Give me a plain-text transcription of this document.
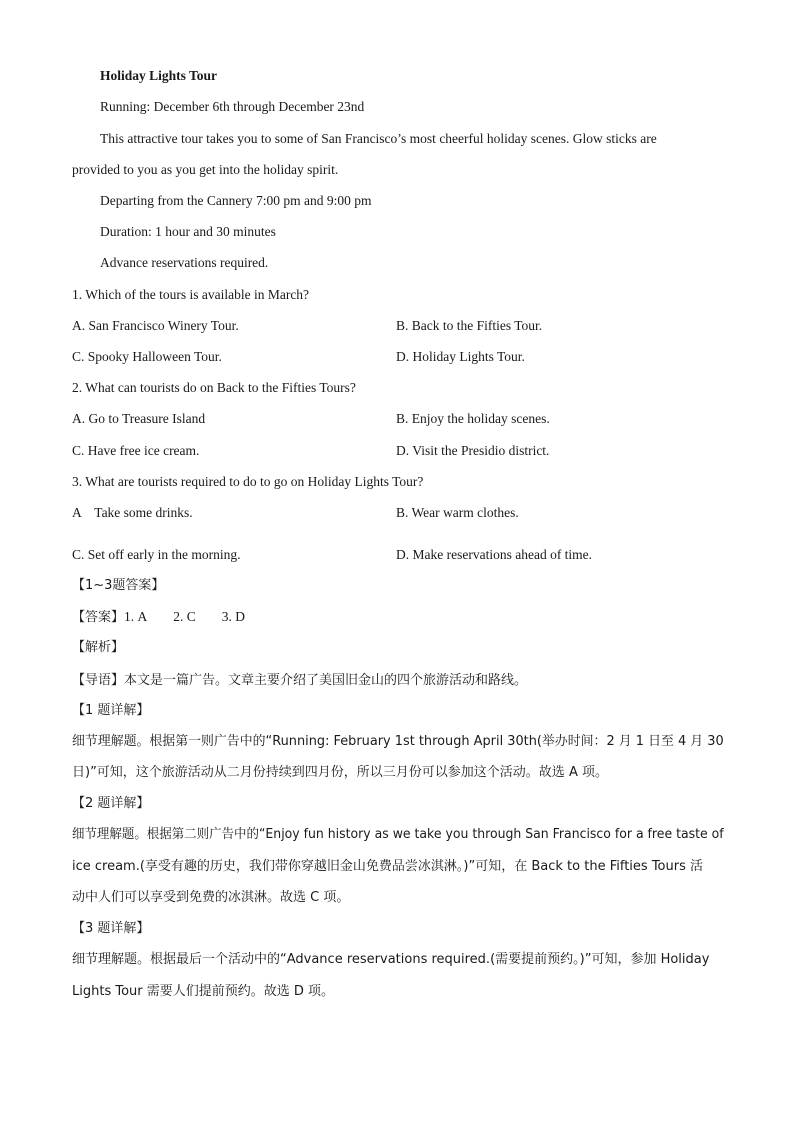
Holiday Lights Tour
Running: December 6th through December 23nd
This attractive tour takes you to some of San Francisco’s most cheerful holiday scenes. Glow sticks are
provided to you as you get into the holiday spirit.
Departing from the Cannery 7:00 pm and 9:00 pm
Duration: 1 hour and 30 minutes
Advance reservations required.
1. Which of the tours is available in March?
A. San Francisco Winery Tour.	B. Back to the Fifties Tour.
C. Spooky Halloween Tour.	D. Holiday Lights Tour.
2. What can tourists do on Back to the Fifties Tours?
A. Go to Treasure Island	B. Enjoy the holiday scenes.
C. Have free ice cream.	D. Visit the Presidio district.
3. What are tourists required to do to go on Holiday Lights Tour?
A    Take some drinks.	B. Wear warm clothes.
C. Set off early in the morning.	D. Make reservations ahead of time.
【1~3题答案】
【答案】1. A 2. C 3. D
【解析】
【导语】本文是一篇广告。文章主要介绍了美国旧金山的四个旅游活动和路线。
【1 题详解】
细节理解题。根据第一则广告中的“Running: February 1st through April 30th(举办时间：2 月 1 日至 4 月 30
日)”可知，这个旅游活动从二月份持续到四月份，所以三月份可以参加这个活动。故选 A 项。
【2 题详解】
细节理解题。根据第二则广告中的“Enjoy fun history as we take you through San Francisco for a free taste of
ice cream.(享受有趣的历史，我们带你穿越旧金山免费品尝冰淇淋。)”可知，在 Back to the Fifties Tours 活
动中人们可以享受到免费的冰淇淋。故选 C 项。
【3 题详解】
细节理解题。根据最后一个活动中的“Advance reservations required.(需要提前预约。)”可知，参加 Holiday
Lights Tour 需要人们提前预约。故选 D 项。
